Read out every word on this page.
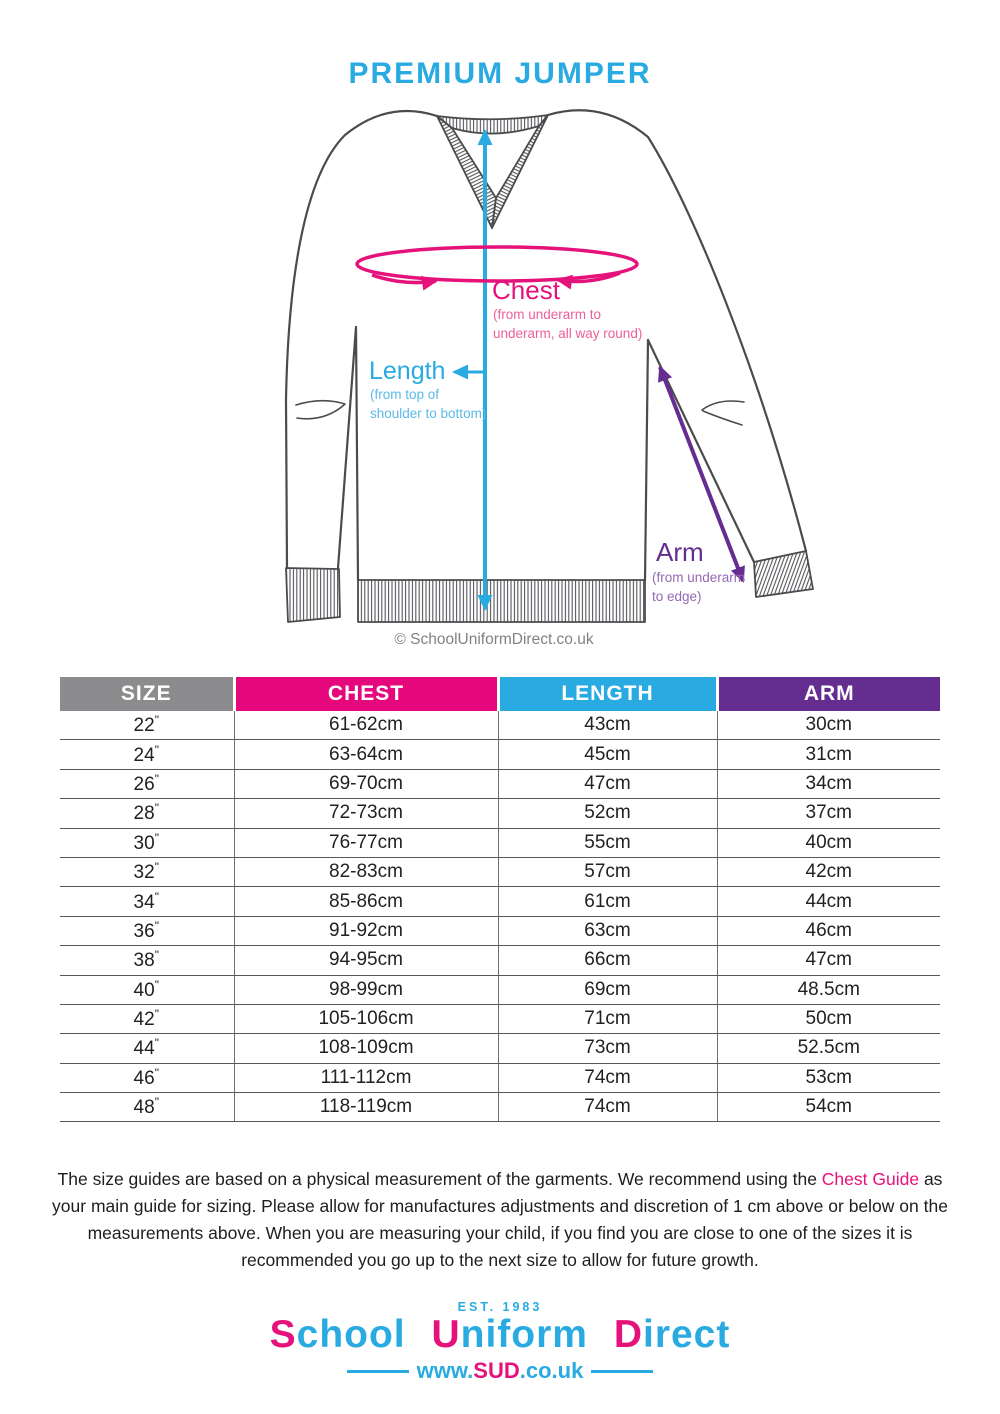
PREMIUM JUMPER
Chest
(from underarm to
underarm, all way round)
Length
(from top of
shoulder to bottom)
Arm
(from underarm
to edge)
© SchoolUniformDirect.co.uk
SIZE	CHEST	LENGTH	ARM
22"	61-62cm	43cm	30cm
24"	63-64cm	45cm	31cm
26"	69-70cm	47cm	34cm
28"	72-73cm	52cm	37cm
30"	76-77cm	55cm	40cm
32"	82-83cm	57cm	42cm
34"	85-86cm	61cm	44cm
36"	91-92cm	63cm	46cm
38"	94-95cm	66cm	47cm
40"	98-99cm	69cm	48.5cm
42"	105-106cm	71cm	50cm
44"	108-109cm	73cm	52.5cm
46"	111-112cm	74cm	53cm
48"	118-119cm	74cm	54cm

The size guides are based on a physical measurement of the garments. We recommend using the Chest Guide as your main guide for sizing. Please allow for manufactures adjustments and discretion of 1 cm above or below on the measurements above. When you are measuring your child, if you find you are close to one of the sizes it is recommended you go up to the next size to allow for future growth.

EST. 1983
School Uniform Direct
www. SUD .co.uk
